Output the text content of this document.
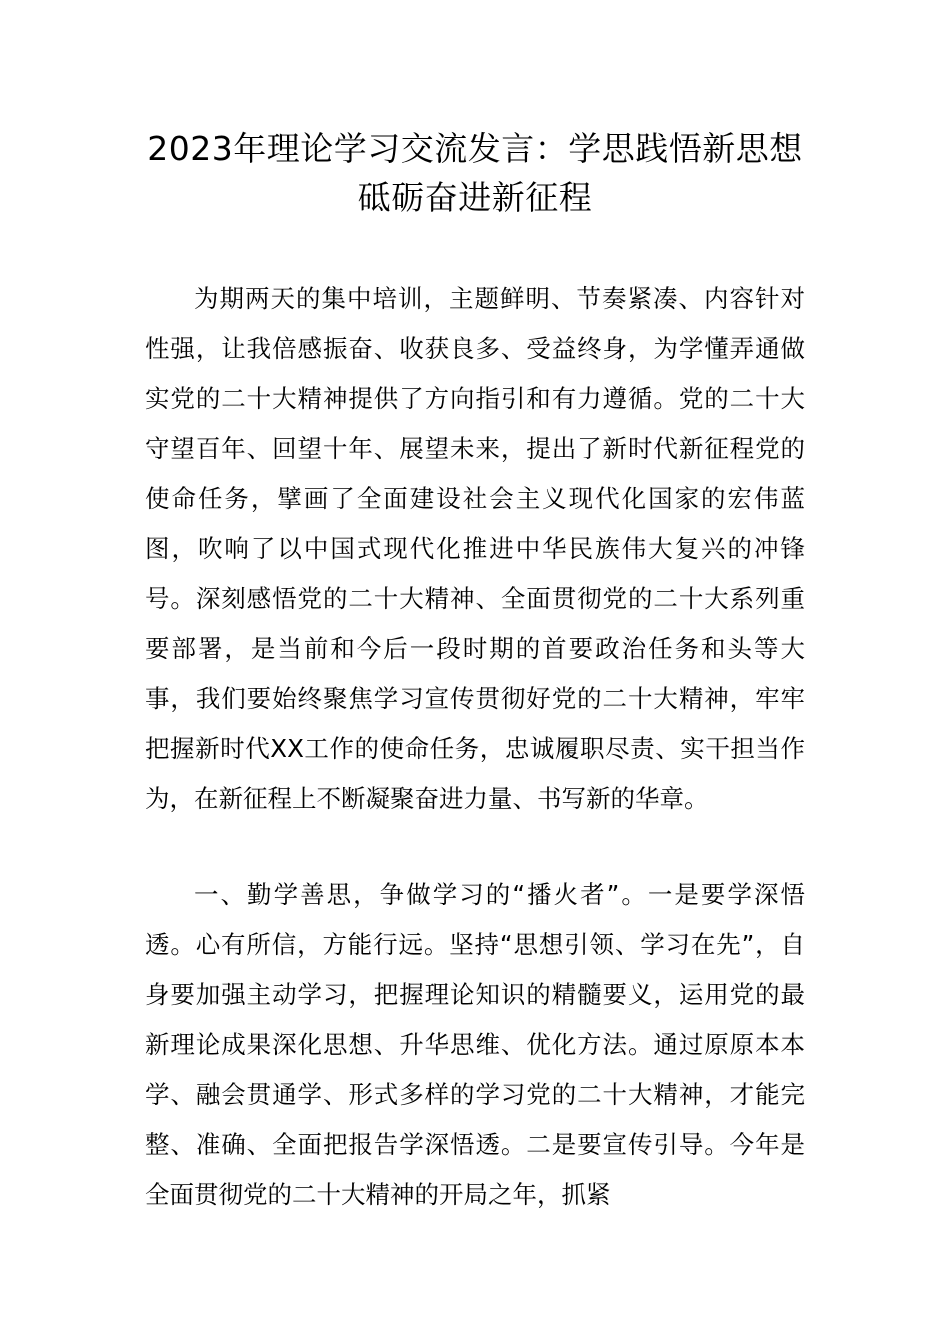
2023年理论学习交流发言：学思践悟新思想 砥砺奋进新征程

为期两天的集中培训，主题鲜明、节奏紧凑、内容针对性强，让我倍感振奋、收获良多、受益终身，为学懂弄通做实党的二十大精神提供了方向指引和有力遵循。党的二十大守望百年、回望十年、展望未来，提出了新时代新征程党的使命任务，擘画了全面建设社会主义现代化国家的宏伟蓝图，吹响了以中国式现代化推进中华民族伟大复兴的冲锋号。深刻感悟党的二十大精神、全面贯彻党的二十大系列重要部署，是当前和今后一段时期的首要政治任务和头等大事，我们要始终聚焦学习宣传贯彻好党的二十大精神，牢牢把握新时代XX工作的使命任务，忠诚履职尽责、实干担当作为，在新征程上不断凝聚奋进力量、书写新的华章。

一、勤学善思，争做学习的“播火者”。一是要学深悟透。心有所信，方能行远。坚持“思想引领、学习在先”，自身要加强主动学习，把握理论知识的精髓要义，运用党的最新理论成果深化思想、升华思维、优化方法。通过原原本本学、融会贯通学、形式多样的学习党的二十大精神，才能完整、准确、全面把报告学深悟透。二是要宣传引导。今年是全面贯彻党的二十大精神的开局之年，抓紧
